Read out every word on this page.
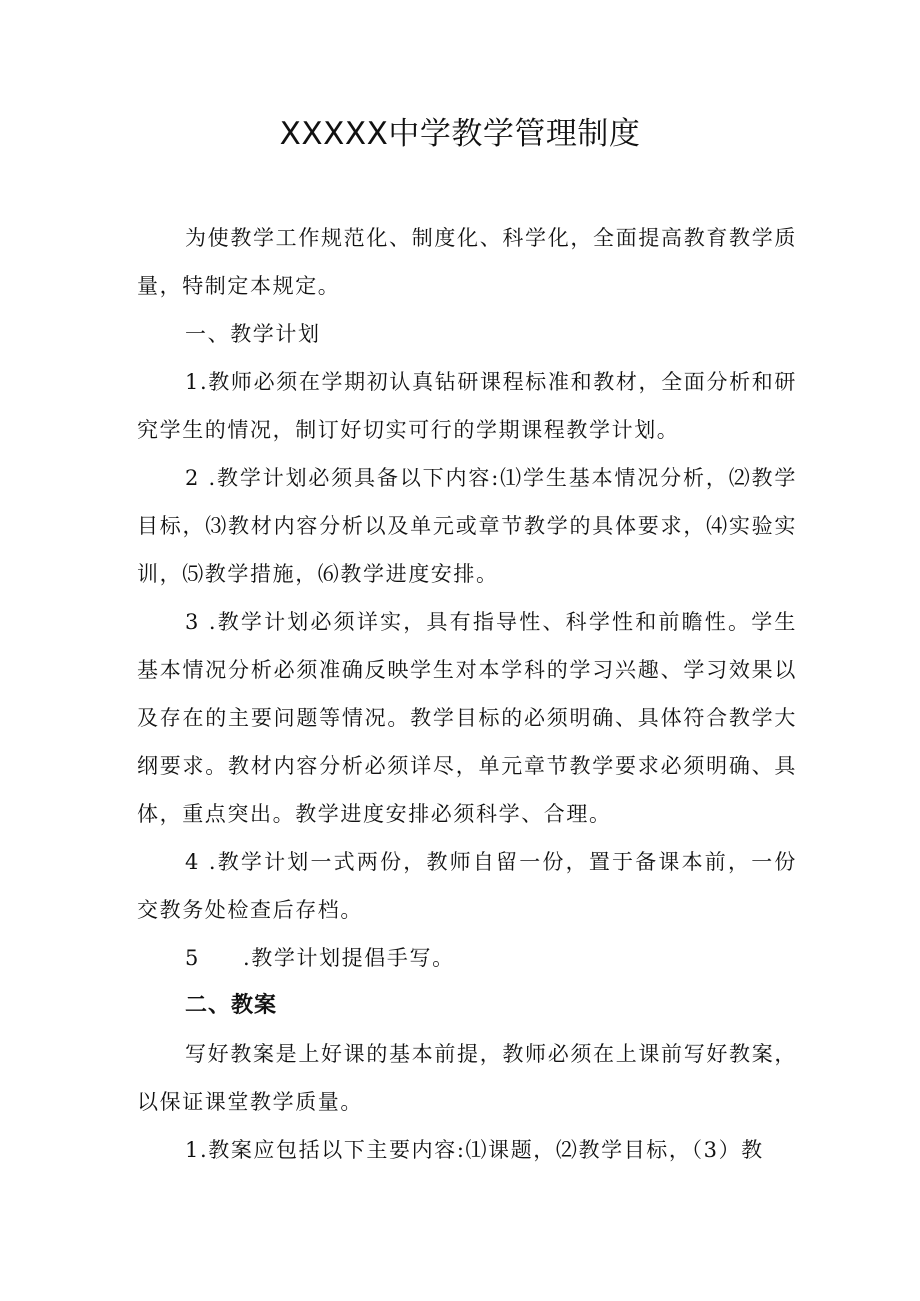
XXXXX中学教学管理制度

为使教学工作规范化、制度化、科学化，全面提高教育教学质量，特制定本规定。

一、教学计划

1.教师必须在学期初认真钻研课程标准和教材，全面分析和研究学生的情况，制订好切实可行的学期课程教学计划。

2 .教学计划必须具备以下内容:⑴学生基本情况分析，⑵教学目标，⑶教材内容分析以及单元或章节教学的具体要求，⑷实验实训，⑸教学措施，⑹教学进度安排。

3 .教学计划必须详实，具有指导性、科学性和前瞻性。学生基本情况分析必须准确反映学生对本学科的学习兴趣、学习效果以及存在的主要问题等情况。教学目标的必须明确、具体符合教学大纲要求。教材内容分析必须详尽，单元章节教学要求必须明确、具体，重点突出。教学进度安排必须科学、合理。

4 .教学计划一式两份，教师自留一份，置于备课本前，一份交教务处检查后存档。

5 .教学计划提倡手写。

二、教案

写好教案是上好课的基本前提，教师必须在上课前写好教案，以保证课堂教学质量。

1.教案应包括以下主要内容:⑴课题，⑵教学目标，（3）教
